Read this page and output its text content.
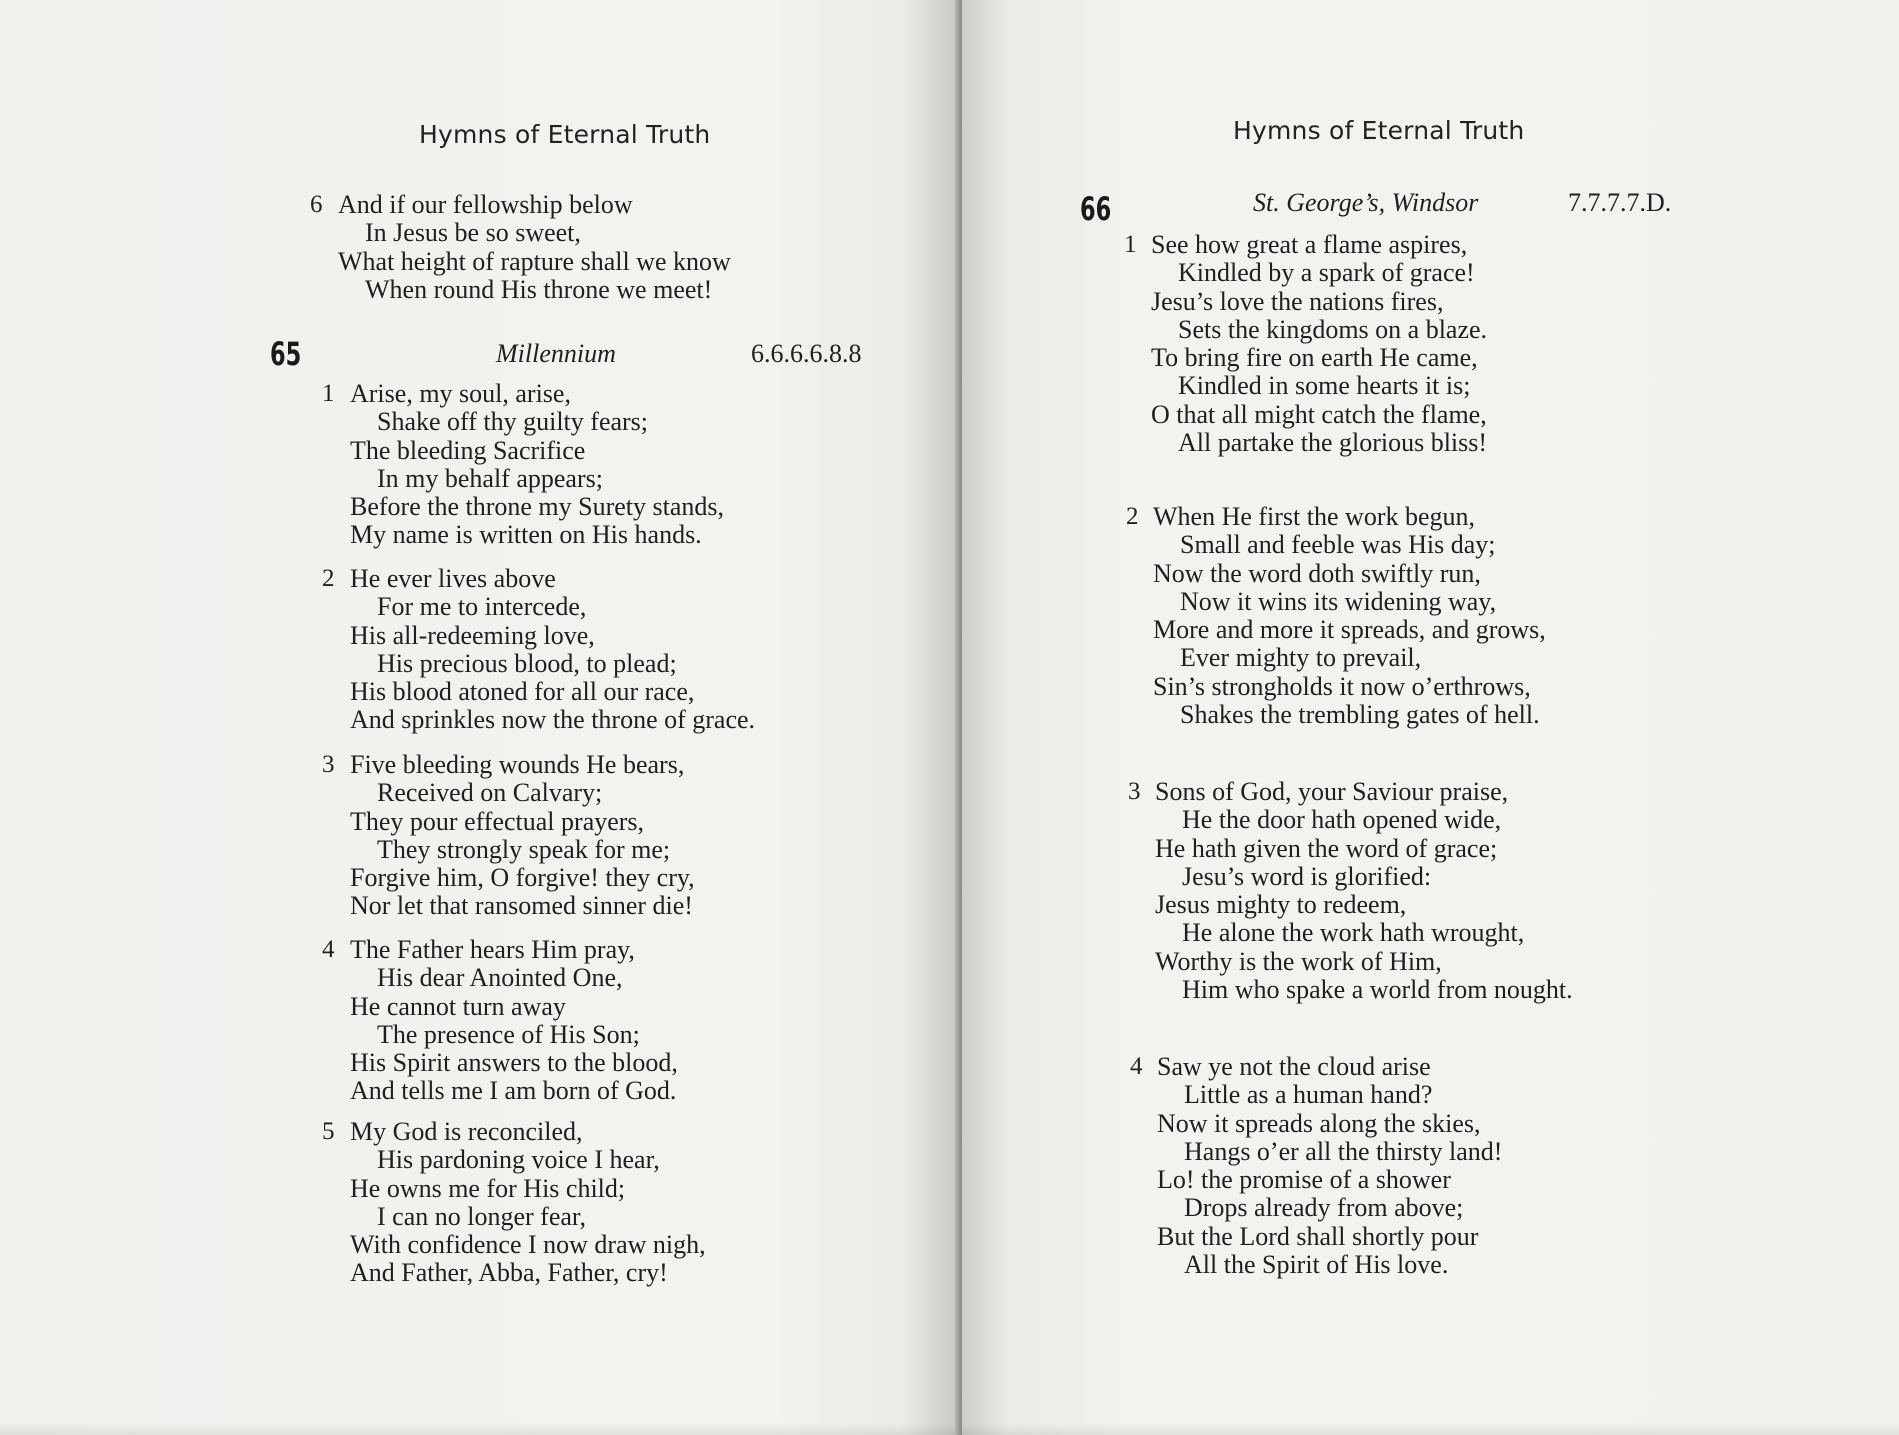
Hymns of Eternal Truth
6 And if our fellowship below
In Jesus be so sweet,
What height of rapture shall we know
When round His throne we meet!
65	Millennium	6.6.6.6.8.8
1 Arise, my soul, arise,
Shake off thy guilty fears;
The bleeding Sacrifice
In my behalf appears;
Before the throne my Surety stands,
My name is written on His hands.
2 He ever lives above
For me to intercede,
His all-redeeming love,
His precious blood, to plead;
His blood atoned for all our race,
And sprinkles now the throne of grace.
3 Five bleeding wounds He bears,
Received on Calvary;
They pour effectual prayers,
They strongly speak for me;
Forgive him, O forgive! they cry,
Nor let that ransomed sinner die!
4 The Father hears Him pray,
His dear Anointed One,
He cannot turn away
The presence of His Son;
His Spirit answers to the blood,
And tells me I am born of God.
5 My God is reconciled,
His pardoning voice I hear,
He owns me for His child;
I can no longer fear,
With confidence I now draw nigh,
And Father, Abba, Father, cry!
Hymns of Eternal Truth
66	St. George’s, Windsor	7.7.7.7.D.
1 See how great a flame aspires,
Kindled by a spark of grace!
Jesu’s love the nations fires,
Sets the kingdoms on a blaze.
To bring fire on earth He came,
Kindled in some hearts it is;
O that all might catch the flame,
All partake the glorious bliss!
2 When He first the work begun,
Small and feeble was His day;
Now the word doth swiftly run,
Now it wins its widening way,
More and more it spreads, and grows,
Ever mighty to prevail,
Sin’s strongholds it now o’erthrows,
Shakes the trembling gates of hell.
3 Sons of God, your Saviour praise,
He the door hath opened wide,
He hath given the word of grace;
Jesu’s word is glorified:
Jesus mighty to redeem,
He alone the work hath wrought,
Worthy is the work of Him,
Him who spake a world from nought.
4 Saw ye not the cloud arise
Little as a human hand?
Now it spreads along the skies,
Hangs o’er all the thirsty land!
Lo! the promise of a shower
Drops already from above;
But the Lord shall shortly pour
All the Spirit of His love.
